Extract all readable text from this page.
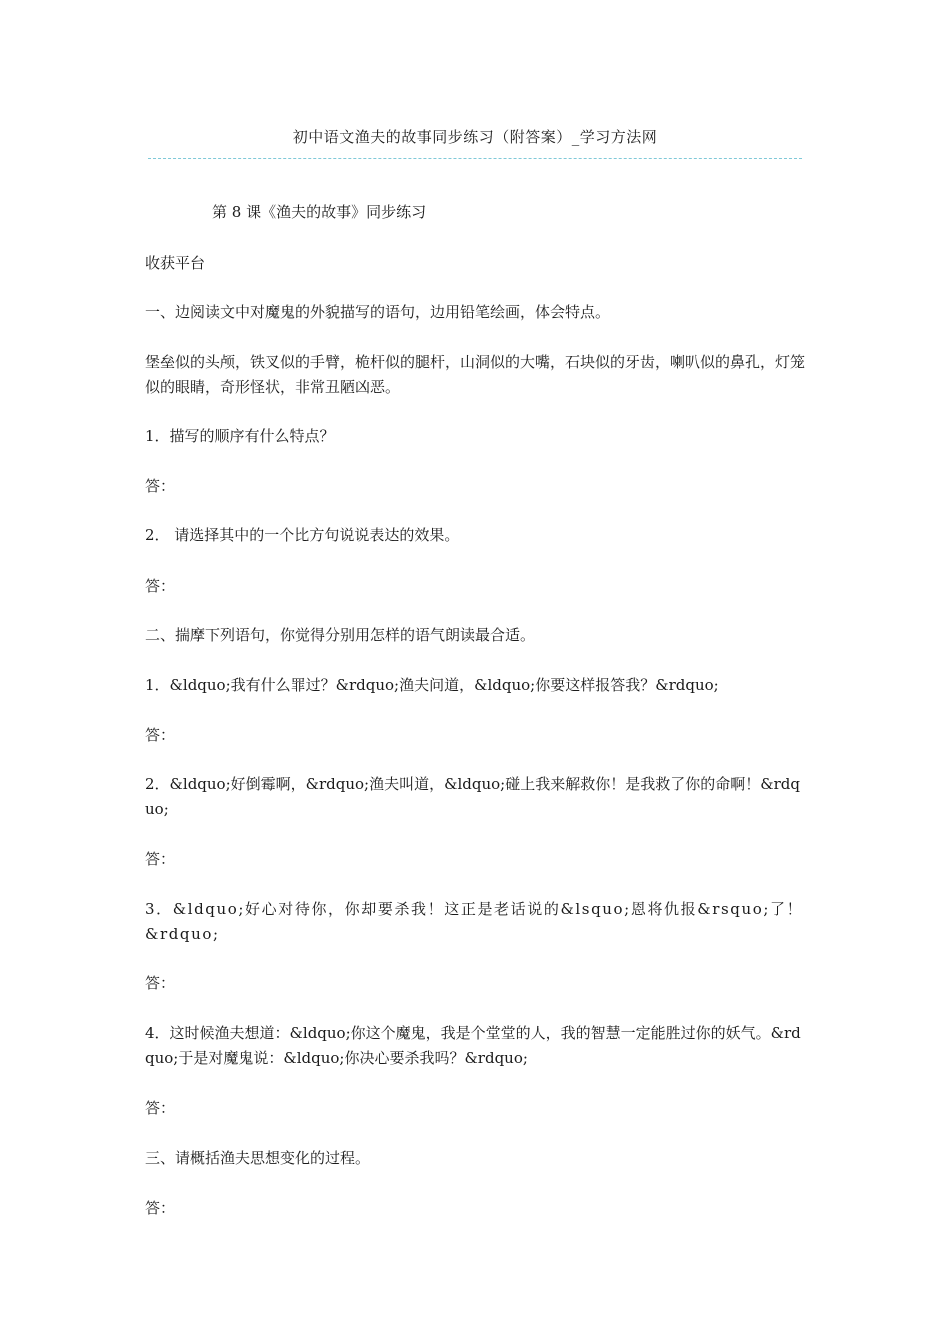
初中语文渔夫的故事同步练习（附答案）_学习方法网

第 8 课《渔夫的故事》同步练习

收获平台

一、边阅读文中对魔鬼的外貌描写的语句，边用铅笔绘画，体会特点。

堡垒似的头颅，铁叉似的手臂，桅杆似的腿杆，山洞似的大嘴，石块似的牙齿，喇叭似的鼻孔，灯笼似的眼睛，奇形怪状，非常丑陋凶恶。

1．描写的顺序有什么特点？

答：

2． 请选择其中的一个比方句说说表达的效果。

答：

二、揣摩下列语句，你觉得分别用怎样的语气朗读最合适。

1．&ldquo;我有什么罪过？&rdquo;渔夫问道，&ldquo;你要这样报答我？&rdquo;

答：

2．&ldquo;好倒霉啊，&rdquo;渔夫叫道，&ldquo;碰上我来解救你！是我救了你的命啊！&rdquo;

答：

3．&ldquo;好心对待你，你却要杀我！这正是老话说的&lsquo;恩将仇报&rsquo;了！&rdquo;

答：

4．这时候渔夫想道：&ldquo;你这个魔鬼，我是个堂堂的人，我的智慧一定能胜过你的妖气。&rdquo;于是对魔鬼说：&ldquo;你决心要杀我吗？&rdquo;

答：

三、请概括渔夫思想变化的过程。

答：
